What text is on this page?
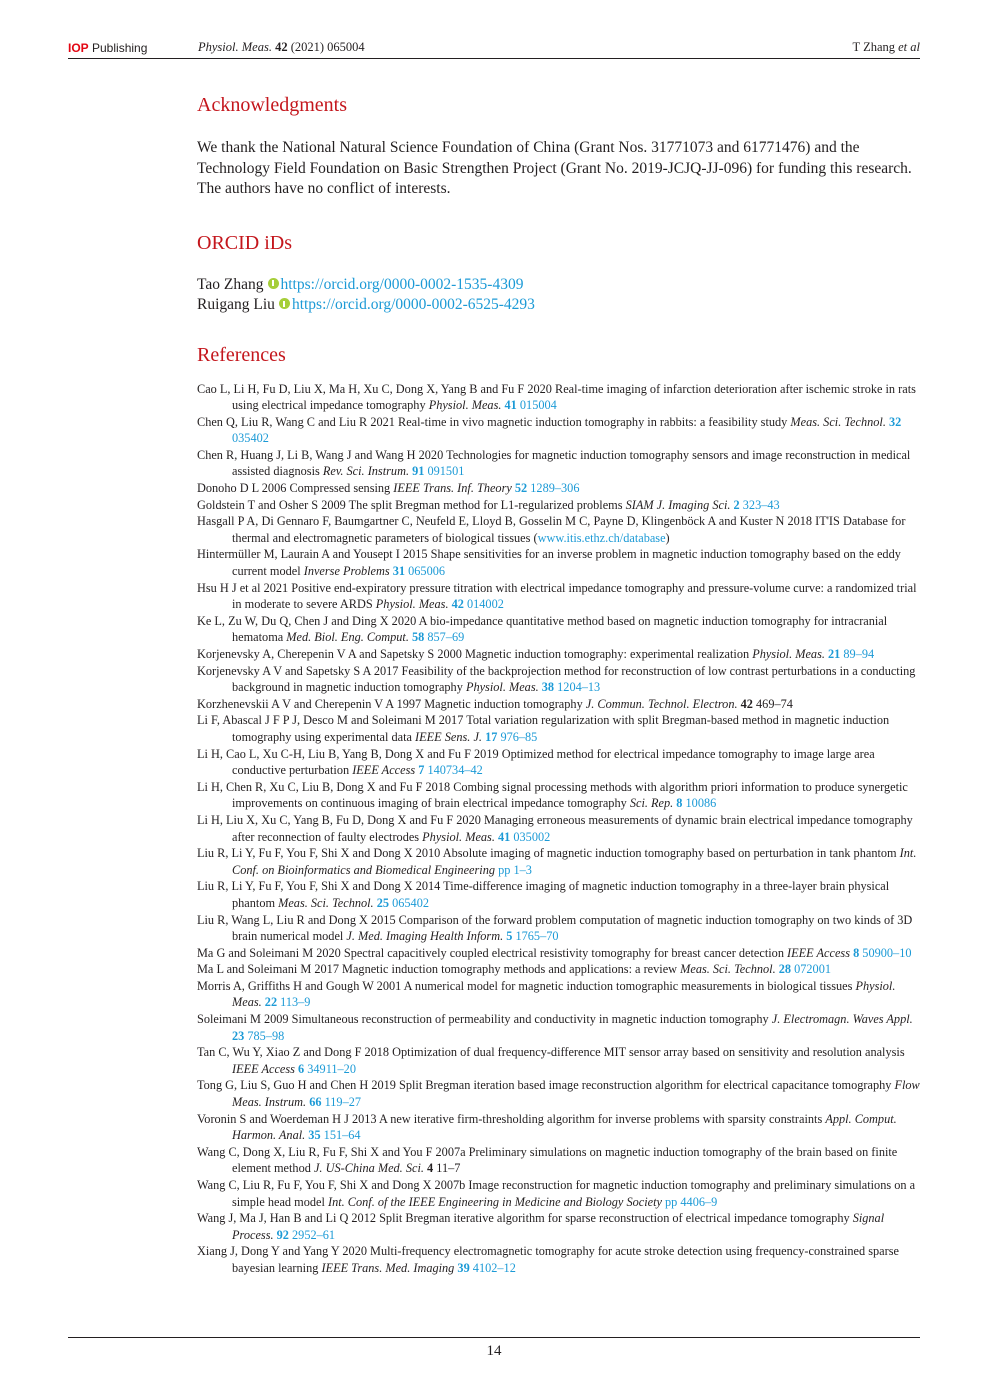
IOP Publishing	Physiol. Meas. 42 (2021) 065004	T Zhang et al
Acknowledgments

We thank the National Natural Science Foundation of China (Grant Nos. 31771073 and 61771476) and the Technology Field Foundation on Basic Strengthen Project (Grant No. 2019-JCJQ-JJ-096) for funding this research. The authors have no conflict of interests.

ORCID iDs
Tao Zhang https://orcid.org/0000-0002-1535-4309
Ruigang Liu https://orcid.org/0000-0002-6525-4293
References
Cao L, Li H, Fu D, Liu X, Ma H, Xu C, Dong X, Yang B and Fu F 2020 Real-time imaging of infarction deterioration after ischemic stroke in rats using electrical impedance tomography Physiol. Meas. 41 015004
Chen Q, Liu R, Wang C and Liu R 2021 Real-time in vivo magnetic induction tomography in rabbits: a feasibility study Meas. Sci. Technol. 32 035402
Chen R, Huang J, Li B, Wang J and Wang H 2020 Technologies for magnetic induction tomography sensors and image reconstruction in medical assisted diagnosis Rev. Sci. Instrum. 91 091501
Donoho D L 2006 Compressed sensing IEEE Trans. Inf. Theory 52 1289–306
Goldstein T and Osher S 2009 The split Bregman method for L1-regularized problems SIAM J. Imaging Sci. 2 323–43
Hasgall P A, Di Gennaro F, Baumgartner C, Neufeld E, Lloyd B, Gosselin M C, Payne D, Klingenböck A and Kuster N 2018 IT'IS Database for thermal and electromagnetic parameters of biological tissues (www.itis.ethz.ch/database)
Hintermüller M, Laurain A and Yousept I 2015 Shape sensitivities for an inverse problem in magnetic induction tomography based on the eddy current model Inverse Problems 31 065006
Hsu H J et al 2021 Positive end-expiratory pressure titration with electrical impedance tomography and pressure-volume curve: a randomized trial in moderate to severe ARDS Physiol. Meas. 42 014002
Ke L, Zu W, Du Q, Chen J and Ding X 2020 A bio-impedance quantitative method based on magnetic induction tomography for intracranial hematoma Med. Biol. Eng. Comput. 58 857–69
Korjenevsky A, Cherepenin V A and Sapetsky S 2000 Magnetic induction tomography: experimental realization Physiol. Meas. 21 89–94
Korjenevsky A V and Sapetsky S A 2017 Feasibility of the backprojection method for reconstruction of low contrast perturbations in a conducting background in magnetic induction tomography Physiol. Meas. 38 1204–13
Korzhenevskii A V and Cherepenin V A 1997 Magnetic induction tomography J. Commun. Technol. Electron. 42 469–74
Li F, Abascal J F P J, Desco M and Soleimani M 2017 Total variation regularization with split Bregman-based method in magnetic induction tomography using experimental data IEEE Sens. J. 17 976–85
Li H, Cao L, Xu C-H, Liu B, Yang B, Dong X and Fu F 2019 Optimized method for electrical impedance tomography to image large area conductive perturbation IEEE Access 7 140734–42
Li H, Chen R, Xu C, Liu B, Dong X and Fu F 2018 Combing signal processing methods with algorithm priori information to produce synergetic improvements on continuous imaging of brain electrical impedance tomography Sci. Rep. 8 10086
Li H, Liu X, Xu C, Yang B, Fu D, Dong X and Fu F 2020 Managing erroneous measurements of dynamic brain electrical impedance tomography after reconnection of faulty electrodes Physiol. Meas. 41 035002
Liu R, Li Y, Fu F, You F, Shi X and Dong X 2010 Absolute imaging of magnetic induction tomography based on perturbation in tank phantom Int. Conf. on Bioinformatics and Biomedical Engineering pp 1–3
Liu R, Li Y, Fu F, You F, Shi X and Dong X 2014 Time-difference imaging of magnetic induction tomography in a three-layer brain physical phantom Meas. Sci. Technol. 25 065402
Liu R, Wang L, Liu R and Dong X 2015 Comparison of the forward problem computation of magnetic induction tomography on two kinds of 3D brain numerical model J. Med. Imaging Health Inform. 5 1765–70
Ma G and Soleimani M 2020 Spectral capacitively coupled electrical resistivity tomography for breast cancer detection IEEE Access 8 50900–10
Ma L and Soleimani M 2017 Magnetic induction tomography methods and applications: a review Meas. Sci. Technol. 28 072001
Morris A, Griffiths H and Gough W 2001 A numerical model for magnetic induction tomographic measurements in biological tissues Physiol. Meas. 22 113–9
Soleimani M 2009 Simultaneous reconstruction of permeability and conductivity in magnetic induction tomography J. Electromagn. Waves Appl. 23 785–98
Tan C, Wu Y, Xiao Z and Dong F 2018 Optimization of dual frequency-difference MIT sensor array based on sensitivity and resolution analysis IEEE Access 6 34911–20
Tong G, Liu S, Guo H and Chen H 2019 Split Bregman iteration based image reconstruction algorithm for electrical capacitance tomography Flow Meas. Instrum. 66 119–27
Voronin S and Woerdeman H J 2013 A new iterative firm-thresholding algorithm for inverse problems with sparsity constraints Appl. Comput. Harmon. Anal. 35 151–64
Wang C, Dong X, Liu R, Fu F, Shi X and You F 2007a Preliminary simulations on magnetic induction tomography of the brain based on finite element method J. US-China Med. Sci. 4 11–7
Wang C, Liu R, Fu F, You F, Shi X and Dong X 2007b Image reconstruction for magnetic induction tomography and preliminary simulations on a simple head model Int. Conf. of the IEEE Engineering in Medicine and Biology Society pp 4406–9
Wang J, Ma J, Han B and Li Q 2012 Split Bregman iterative algorithm for sparse reconstruction of electrical impedance tomography Signal Process. 92 2952–61
Xiang J, Dong Y and Yang Y 2020 Multi-frequency electromagnetic tomography for acute stroke detection using frequency-constrained sparse bayesian learning IEEE Trans. Med. Imaging 39 4102–12
14
